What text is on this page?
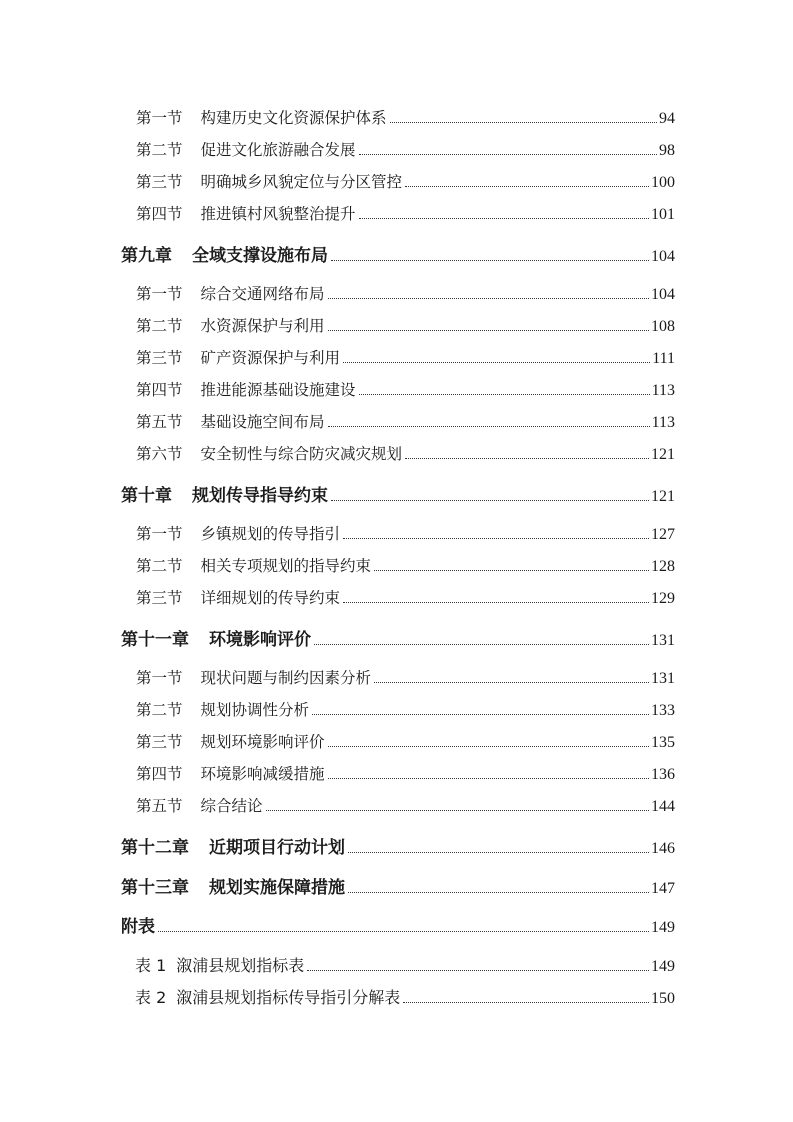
第一节 构建历史文化资源保护体系	94
第二节 促进文化旅游融合发展	98
第三节 明确城乡风貌定位与分区管控	100
第四节 推进镇村风貌整治提升	101
第九章 全域支撑设施布局	104
第一节 综合交通网络布局	104
第二节 水资源保护与利用	108
第三节 矿产资源保护与利用	111
第四节 推进能源基础设施建设	113
第五节 基础设施空间布局	113
第六节 安全韧性与综合防灾减灾规划	121
第十章 规划传导指导约束	121
第一节 乡镇规划的传导指引	127
第二节 相关专项规划的指导约束	128
第三节 详细规划的传导约束	129
第十一章 环境影响评价	131
第一节 现状问题与制约因素分析	131
第二节 规划协调性分析	133
第三节 规划环境影响评价	135
第四节 环境影响减缓措施	136
第五节 综合结论	144
第十二章 近期项目行动计划	146
第十三章 规划实施保障措施	147
附表	149
表 1 溆浦县规划指标表	149
表 2 溆浦县规划指标传导指引分解表	150
